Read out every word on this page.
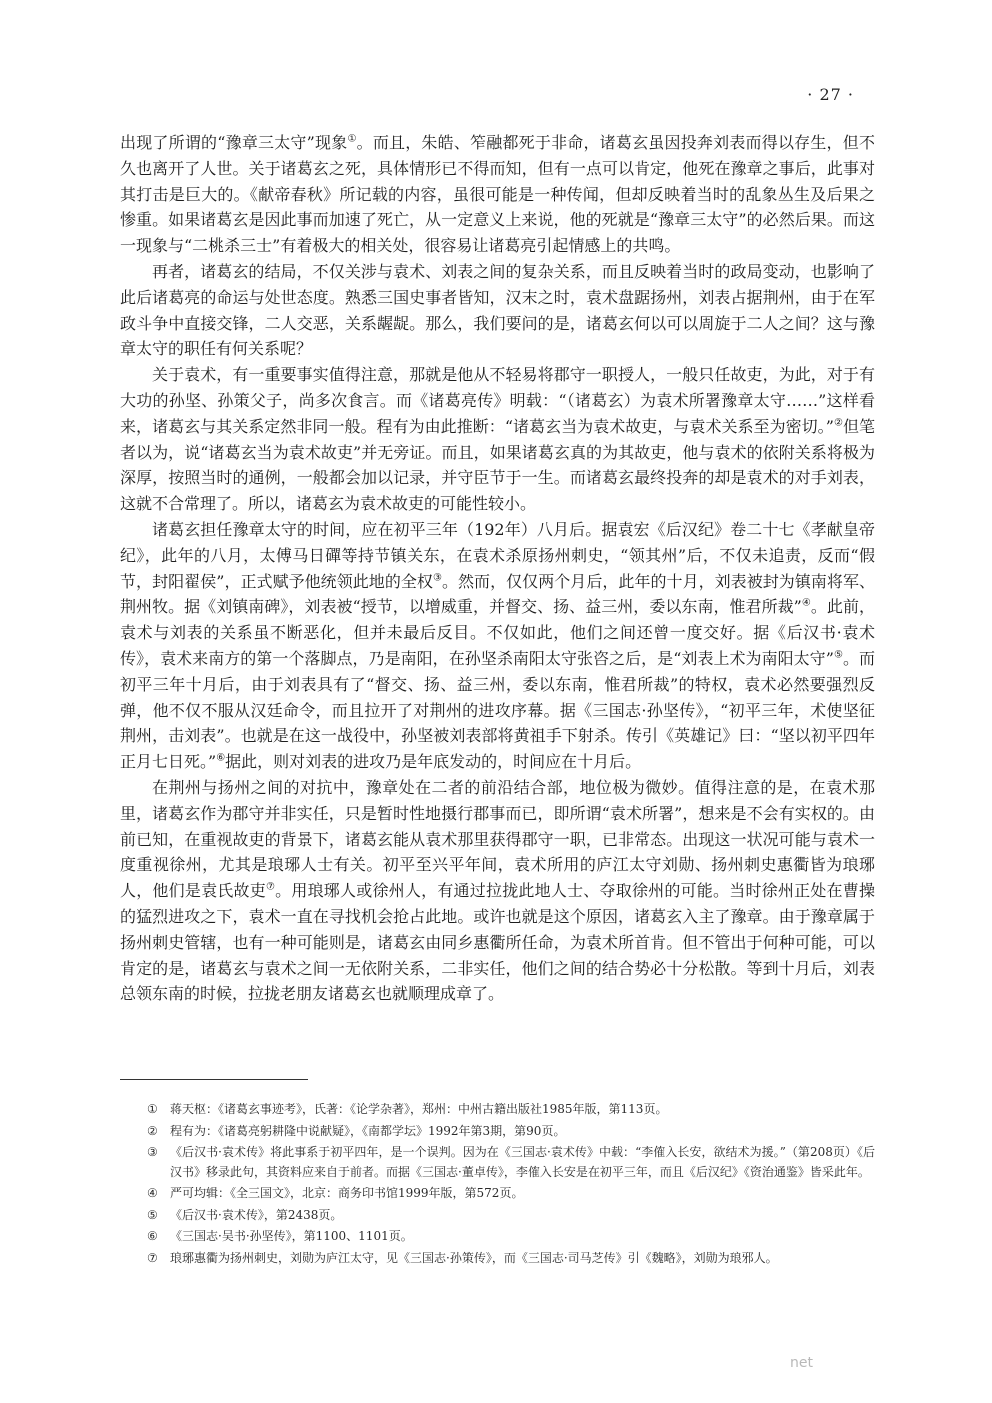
· 27 ·

出现了所谓的“豫章三太守”现象①。而且，朱皓、笮融都死于非命，诸葛玄虽因投奔刘表而得以存生，但不久也离开了人世。关于诸葛玄之死，具体情形已不得而知，但有一点可以肯定，他死在豫章之事后，此事对其打击是巨大的。《献帝春秋》所记载的内容，虽很可能是一种传闻，但却反映着当时的乱象丛生及后果之惨重。如果诸葛玄是因此事而加速了死亡，从一定意义上来说，他的死就是“豫章三太守”的必然后果。而这一现象与“二桃杀三士”有着极大的相关处，很容易让诸葛亮引起情感上的共鸣。

再者，诸葛玄的结局，不仅关涉与袁术、刘表之间的复杂关系，而且反映着当时的政局变动，也影响了此后诸葛亮的命运与处世态度。熟悉三国史事者皆知，汉末之时，袁术盘踞扬州，刘表占据荆州，由于在军政斗争中直接交锋，二人交恶，关系龌龊。那么，我们要问的是，诸葛玄何以可以周旋于二人之间？这与豫章太守的职任有何关系呢？

关于袁术，有一重要事实值得注意，那就是他从不轻易将郡守一职授人，一般只任故吏，为此，对于有大功的孙坚、孙策父子，尚多次食言。而《诸葛亮传》明载：“（诸葛玄）为袁术所署豫章太守……”这样看来，诸葛玄与其关系定然非同一般。程有为由此推断：“诸葛玄当为袁术故吏，与袁术关系至为密切。”②但笔者以为，说“诸葛玄当为袁术故吏”并无旁证。而且，如果诸葛玄真的为其故吏，他与袁术的依附关系将极为深厚，按照当时的通例，一般都会加以记录，并守臣节于一生。而诸葛玄最终投奔的却是袁术的对手刘表，这就不合常理了。所以，诸葛玄为袁术故吏的可能性较小。

诸葛玄担任豫章太守的时间，应在初平三年（192年）八月后。据袁宏《后汉纪》卷二十七《孝献皇帝纪》，此年的八月，太傅马日磾等持节镇关东，在袁术杀原扬州刺史，“领其州”后，不仅未追责，反而“假节，封阳翟侯”，正式赋予他统领此地的全权③。然而，仅仅两个月后，此年的十月，刘表被封为镇南将军、荆州牧。据《刘镇南碑》，刘表被“授节，以增威重，并督交、扬、益三州，委以东南，惟君所裁”④。此前，袁术与刘表的关系虽不断恶化，但并未最后反目。不仅如此，他们之间还曾一度交好。据《后汉书·袁术传》，袁术来南方的第一个落脚点，乃是南阳，在孙坚杀南阳太守张咨之后，是“刘表上术为南阳太守”⑤。而初平三年十月后，由于刘表具有了“督交、扬、益三州，委以东南，惟君所裁”的特权，袁术必然要强烈反弹，他不仅不服从汉廷命令，而且拉开了对荆州的进攻序幕。据《三国志·孙坚传》，“初平三年，术使坚征荆州，击刘表”。也就是在这一战役中，孙坚被刘表部将黄祖手下射杀。传引《英雄记》曰：“坚以初平四年正月七日死。”⑥据此，则对刘表的进攻乃是年底发动的，时间应在十月后。

在荆州与扬州之间的对抗中，豫章处在二者的前沿结合部，地位极为微妙。值得注意的是，在袁术那里，诸葛玄作为郡守并非实任，只是暂时性地摄行郡事而已，即所谓“袁术所署”，想来是不会有实权的。由前已知，在重视故吏的背景下，诸葛玄能从袁术那里获得郡守一职，已非常态。出现这一状况可能与袁术一度重视徐州，尤其是琅琊人士有关。初平至兴平年间，袁术所用的庐江太守刘勋、扬州刺史惠衢皆为琅琊人，他们是袁氏故吏⑦。用琅琊人或徐州人，有通过拉拢此地人士、夺取徐州的可能。当时徐州正处在曹操的猛烈进攻之下，袁术一直在寻找机会抢占此地。或许也就是这个原因，诸葛玄入主了豫章。由于豫章属于扬州刺史管辖，也有一种可能则是，诸葛玄由同乡惠衢所任命，为袁术所首肯。但不管出于何种可能，可以肯定的是，诸葛玄与袁术之间一无依附关系，二非实任，他们之间的结合势必十分松散。等到十月后，刘表总领东南的时候，拉拢老朋友诸葛玄也就顺理成章了。

① 蒋天枢：《诸葛玄事迹考》，氏著：《论学杂著》，郑州：中州古籍出版社1985年版，第113页。

② 程有为：《诸葛亮躬耕隆中说献疑》，《南都学坛》1992年第3期，第90页。

③ 《后汉书·袁术传》将此事系于初平四年，是一个误判。因为在《三国志·袁术传》中载：“李傕入长安，欲结术为援。”（第208页）《后汉书》移录此句，其资料应来自于前者。而据《三国志·董卓传》，李傕入长安是在初平三年，而且《后汉纪》《资治通鉴》皆采此年。

④ 严可均辑：《全三国文》，北京：商务印书馆1999年版，第572页。

⑤ 《后汉书·袁术传》，第2438页。

⑥ 《三国志·吴书·孙坚传》，第1100、1101页。

⑦ 琅琊惠衢为扬州刺史，刘勋为庐江太守，见《三国志·孙策传》，而《三国志·司马芝传》引《魏略》，刘勋为琅邪人。

net
